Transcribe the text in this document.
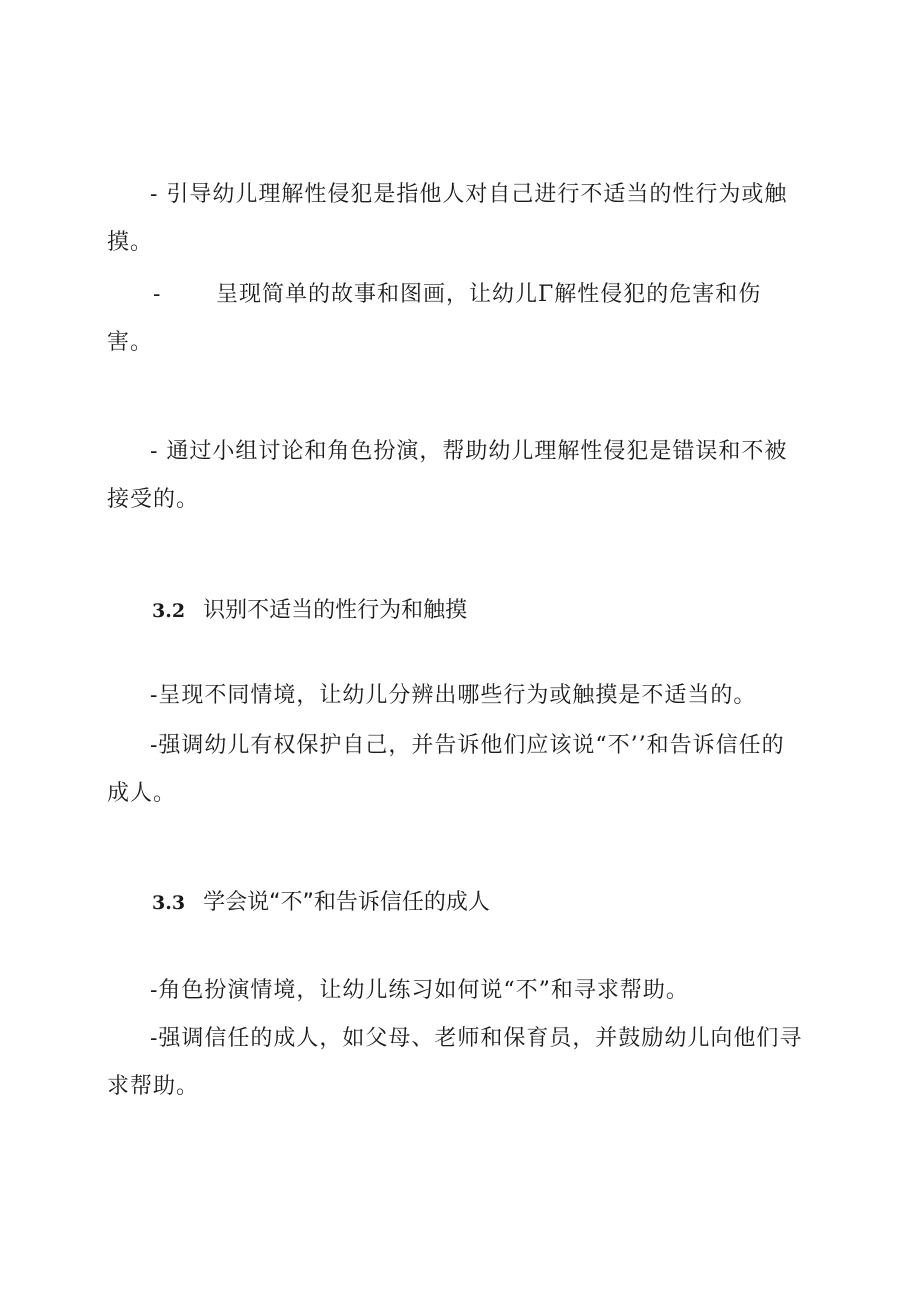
- 引导幼儿理解性侵犯是指他人对自己进行不适当的性行为或触
摸。
- 呈现简单的故事和图画，让幼儿Γ解性侵犯的危害和伤
害。
- 通过小组讨论和角色扮演，帮助幼儿理解性侵犯是错误和不被
接受的。
3.2 识别不适当的性行为和触摸
-呈现不同情境，让幼儿分辨出哪些行为或触摸是不适当的。
-强调幼儿有权保护自己，并告诉他们应该说“不’’和告诉信任的
成人。
3.3 学会说“不”和告诉信任的成人
-角色扮演情境，让幼儿练习如何说“不”和寻求帮助。
-强调信任的成人，如父母、老师和保育员，并鼓励幼儿向他们寻
求帮助。
